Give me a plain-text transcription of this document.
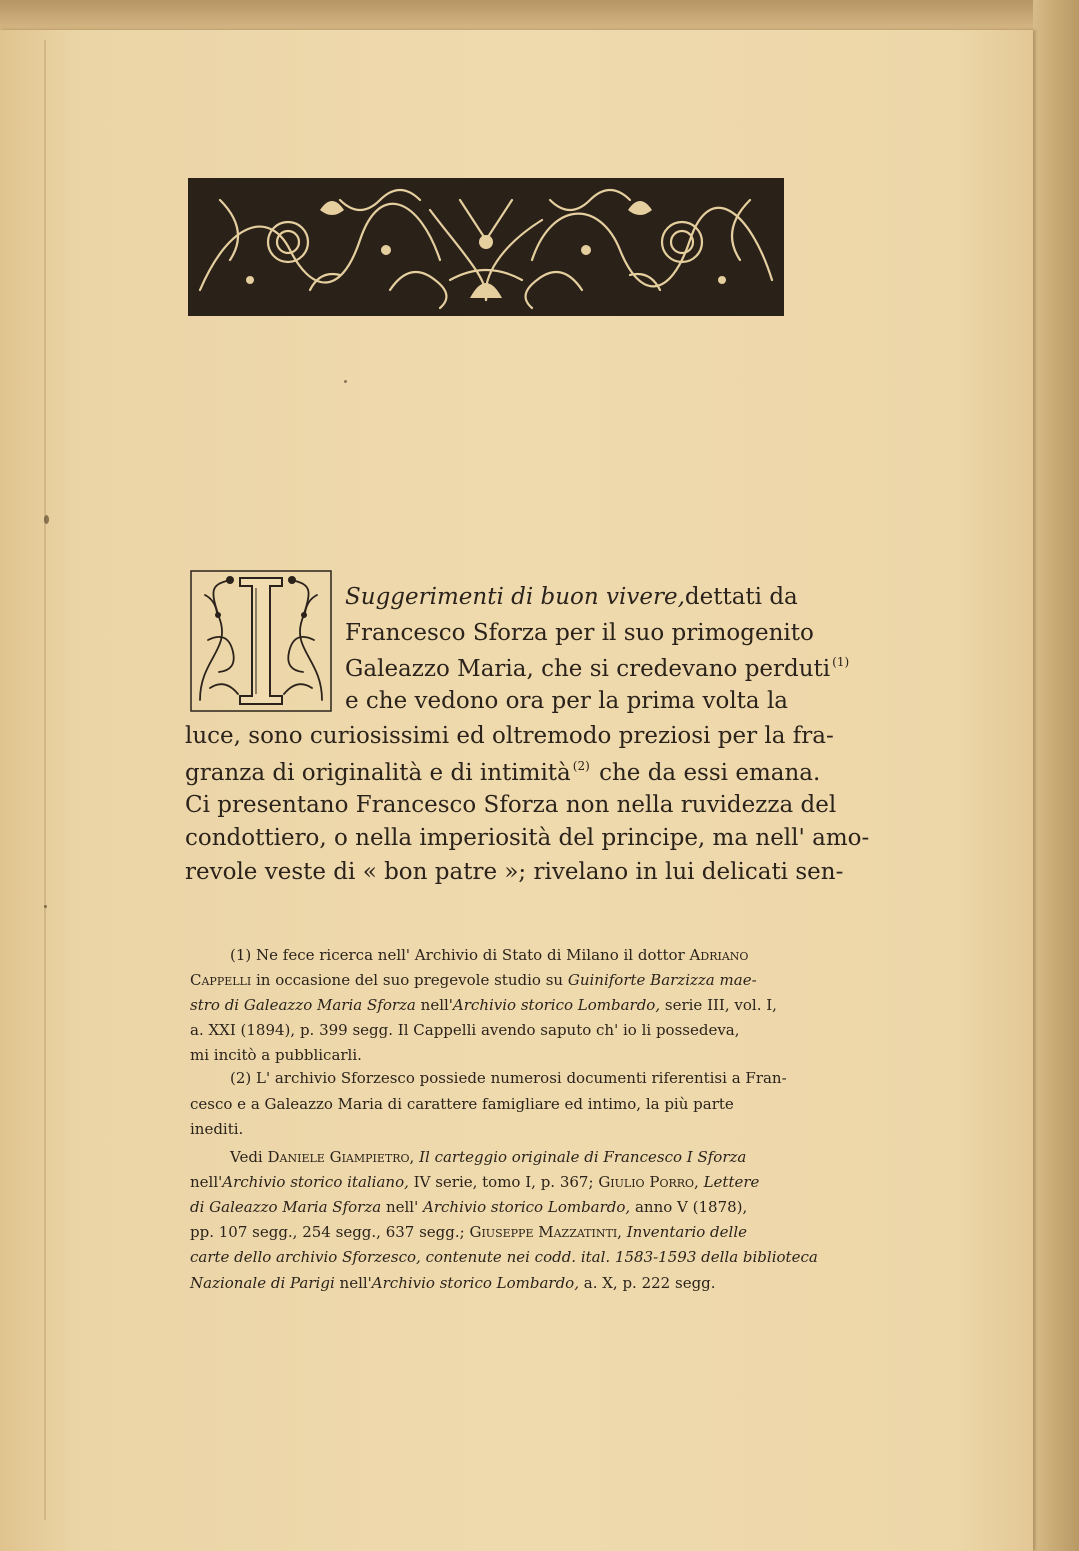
Suggerimenti di buon vivere, dettati da
Francesco Sforza per il suo primogenito
Galeazzo Maria, che si credevano perduti $^{(1)}$
e che vedono ora per la prima volta la
luce, sono curiosissimi ed oltremodo preziosi per la fra-
granza di originalità e di intimità $^{(2)}$ che da essi emana.
Ci presentano Francesco Sforza non nella ruvidezza del
condottiero, o nella imperiosità del principe, ma nell' amo-
revole veste di « bon patre »; rivelano in lui delicati sen-
(1) Ne fece ricerca nell' Archivio di Stato di Milano il dottor Adriano
Cappelli in occasione del suo pregevole studio su Guiniforte Barzizza mae-
stro di Galeazzo Maria Sforza nell'Archivio storico Lombardo, serie III, vol. I,
a. XXI (1894), p. 399 segg. Il Cappelli avendo saputo ch' io li possedeva,
mi incitò a pubblicarli.
(2) L' archivio Sforzesco possiede numerosi documenti riferentisi a Fran-
cesco e a Galeazzo Maria di carattere famigliare ed intimo, la più parte
inediti.
Vedi Daniele Giampietro, Il carteggio originale di Francesco I Sforza
nell'Archivio storico italiano, IV serie, tomo I, p. 367; Giulio Porro, Lettere
di Galeazzo Maria Sforza nell' Archivio storico Lombardo, anno V (1878),
pp. 107 segg., 254 segg., 637 segg.; Giuseppe Mazzatinti, Inventario delle
carte dello archivio Sforzesco, contenute nei codd. ital. 1583-1593 della biblioteca
Nazionale di Parigi nell'Archivio storico Lombardo, a. X, p. 222 segg.
